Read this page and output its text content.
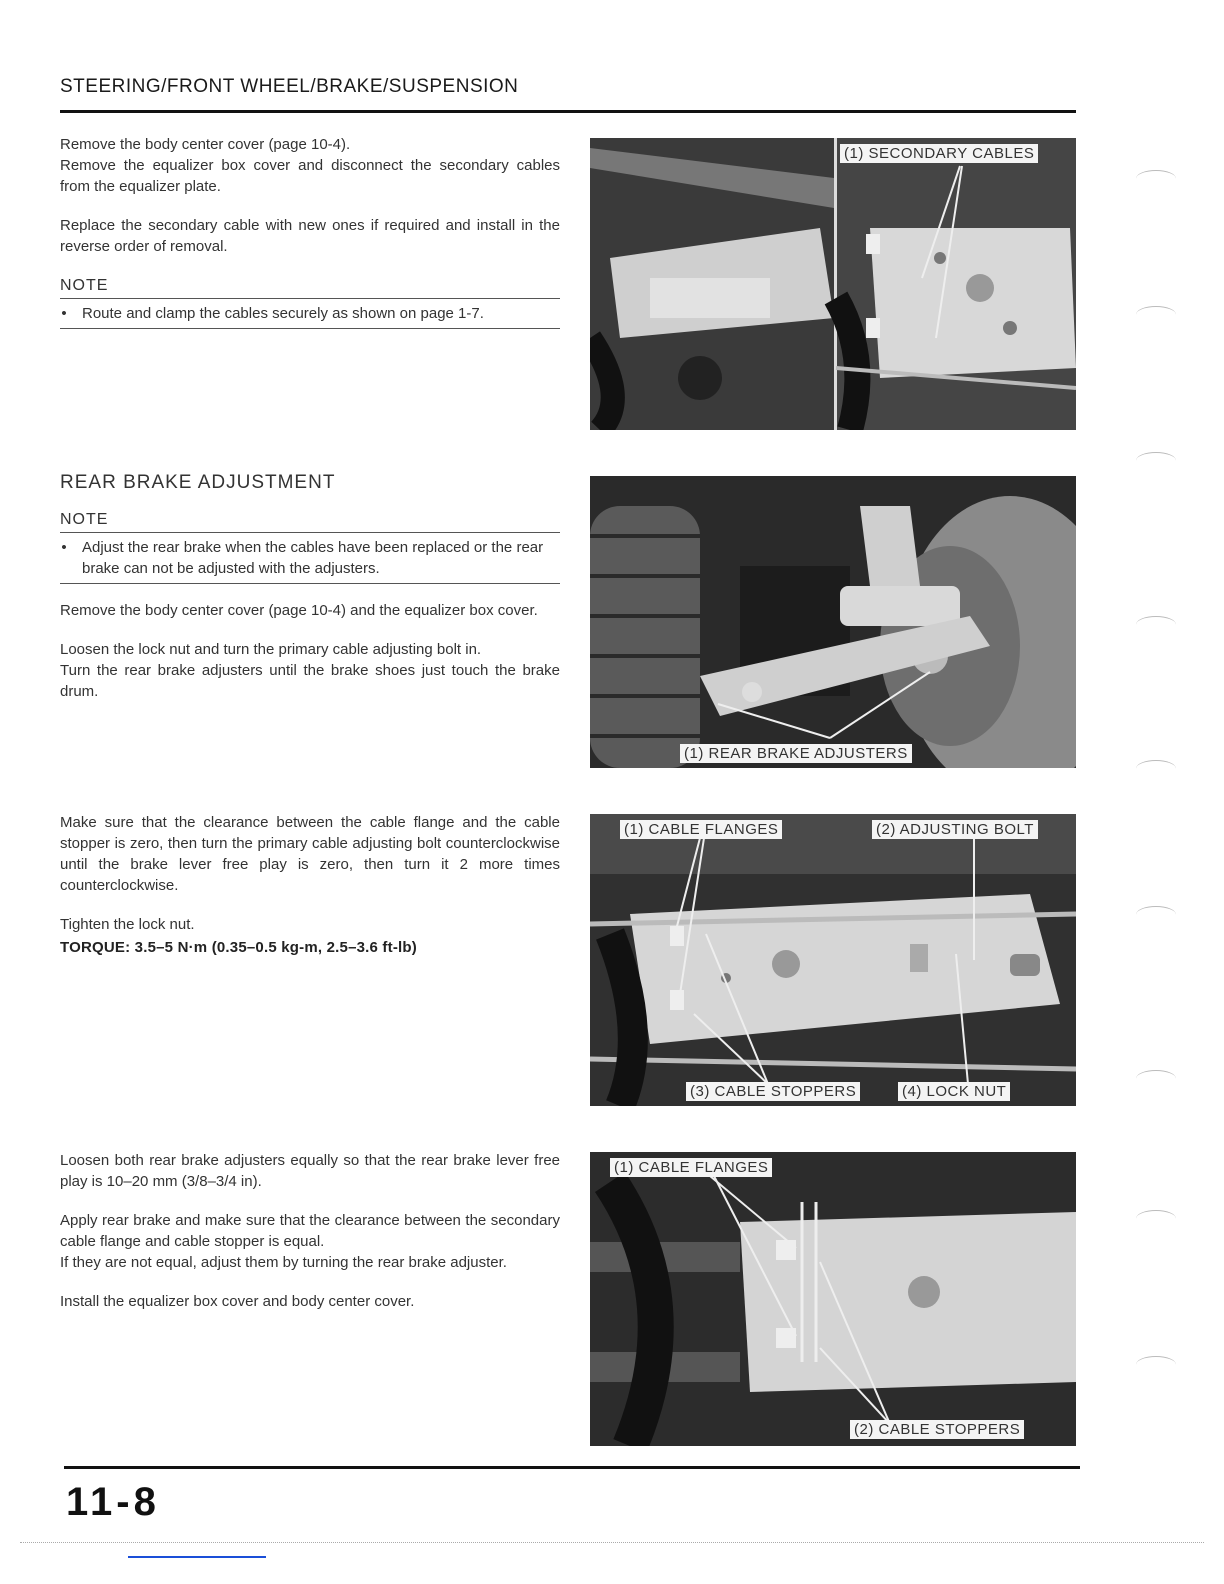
STEERING/FRONT WHEEL/BRAKE/SUSPENSION

Remove the body center cover (page 10-4).

Remove the equalizer box cover and disconnect the secondary cables from the equalizer plate.

Replace the secondary cable with new ones if required and install in the reverse order of removal.

NOTE
• Route and clamp the cables securely as shown on page 1-7.
REAR BRAKE ADJUSTMENT
NOTE
• Adjust the rear brake when the cables have been replaced or the rear brake can not be adjusted with the adjusters.

Remove the body center cover (page 10-4) and the equalizer box cover.

Loosen the lock nut and turn the primary cable adjusting bolt in.

Turn the rear brake adjusters until the brake shoes just touch the brake drum.

Make sure that the clearance between the cable flange and the cable stopper is zero, then turn the primary cable adjusting bolt counterclockwise until the brake lever free play is zero, then turn it 2 more times counterclockwise.

Tighten the lock nut.

TORQUE: 3.5–5 N·m (0.35–0.5 kg-m, 2.5–3.6 ft-lb)

Loosen both rear brake adjusters equally so that the rear brake lever free play is 10–20 mm (3/8–3/4 in).

Apply rear brake and make sure that the clearance between the secondary cable flange and cable stopper is equal.

If they are not equal, adjust them by turning the rear brake adjuster.

Install the equalizer box cover and body center cover.

(1) SECONDARY CABLES
(1) REAR BRAKE ADJUSTERS
(1) CABLE FLANGES	(2) ADJUSTING BOLT
(3) CABLE STOPPERS	(4) LOCK NUT
(1) CABLE FLANGES
(2) CABLE STOPPERS
11-8
